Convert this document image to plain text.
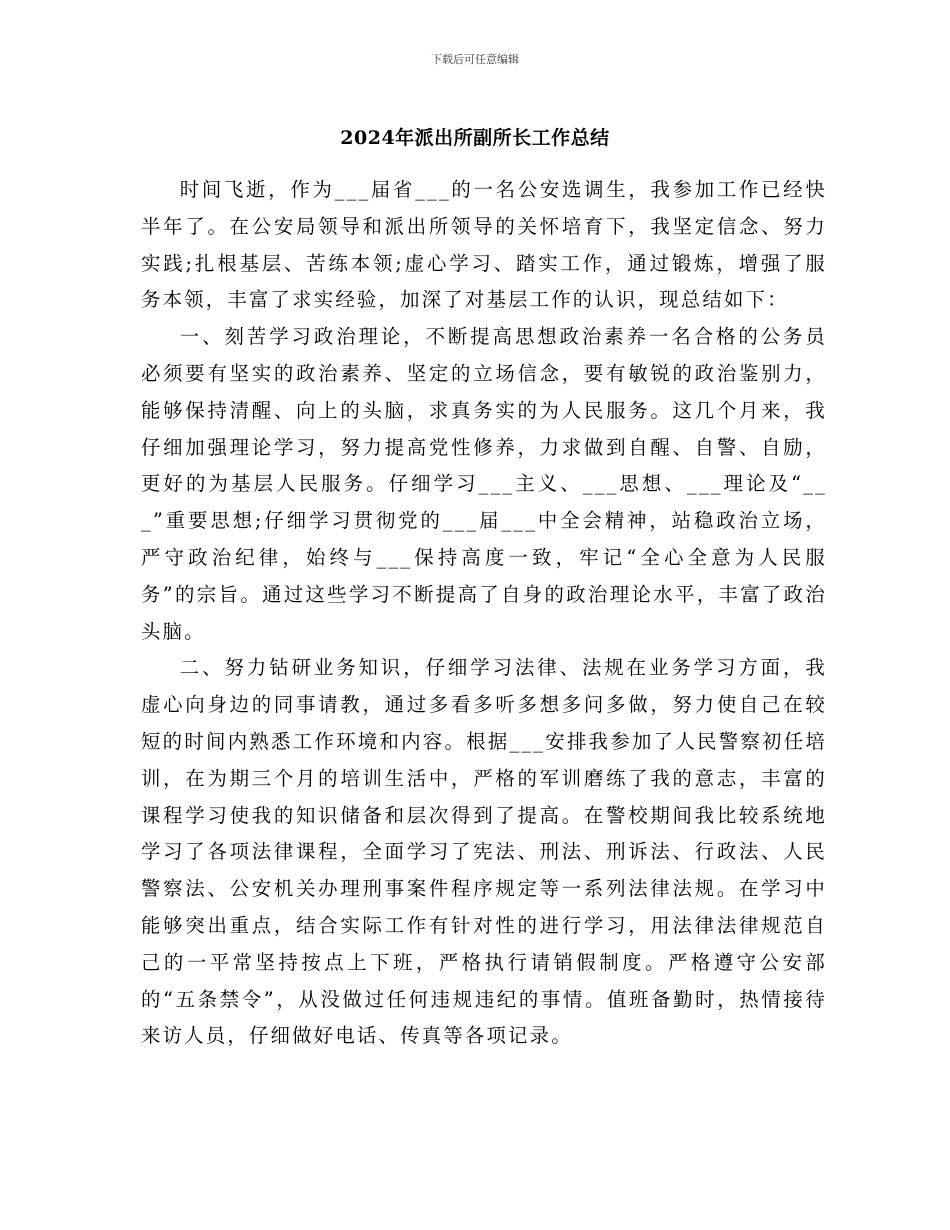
下载后可任意编辑
2024年派出所副所长工作总结

时间飞逝，作为___届省___的一名公安选调生，我参加工作已经快半年了。在公安局领导和派出所领导的关怀培育下，我坚定信念、努力实践;扎根基层、苦练本领;虚心学习、踏实工作，通过锻炼，增强了服务本领，丰富了求实经验，加深了对基层工作的认识，现总结如下：

一、刻苦学习政治理论，不断提高思想政治素养一名合格的公务员必须要有坚实的政治素养、坚定的立场信念，要有敏锐的政治鉴别力，能够保持清醒、向上的头脑，求真务实的为人民服务。这几个月来，我仔细加强理论学习，努力提高党性修养，力求做到自醒、自警、自励，更好的为基层人民服务。仔细学习___主义、___思想、___理论及“___”重要思想;仔细学习贯彻党的___届___中全会精神，站稳政治立场，严守政治纪律，始终与___保持高度一致，牢记“全心全意为人民服务”的宗旨。通过这些学习不断提高了自身的政治理论水平，丰富了政治头脑。

二、努力钻研业务知识，仔细学习法律、法规在业务学习方面，我虚心向身边的同事请教，通过多看多听多想多问多做，努力使自己在较短的时间内熟悉工作环境和内容。根据___安排我参加了人民警察初任培训，在为期三个月的培训生活中，严格的军训磨练了我的意志，丰富的课程学习使我的知识储备和层次得到了提高。在警校期间我比较系统地学习了各项法律课程，全面学习了宪法、刑法、刑诉法、行政法、人民警察法、公安机关办理刑事案件程序规定等一系列法律法规。在学习中能够突出重点，结合实际工作有针对性的进行学习，用法律法律规范自己的一平常坚持按点上下班，严格执行请销假制度。严格遵守公安部的“五条禁令”，从没做过任何违规违纪的事情。值班备勤时，热情接待来访人员，仔细做好电话、传真等各项记录。
